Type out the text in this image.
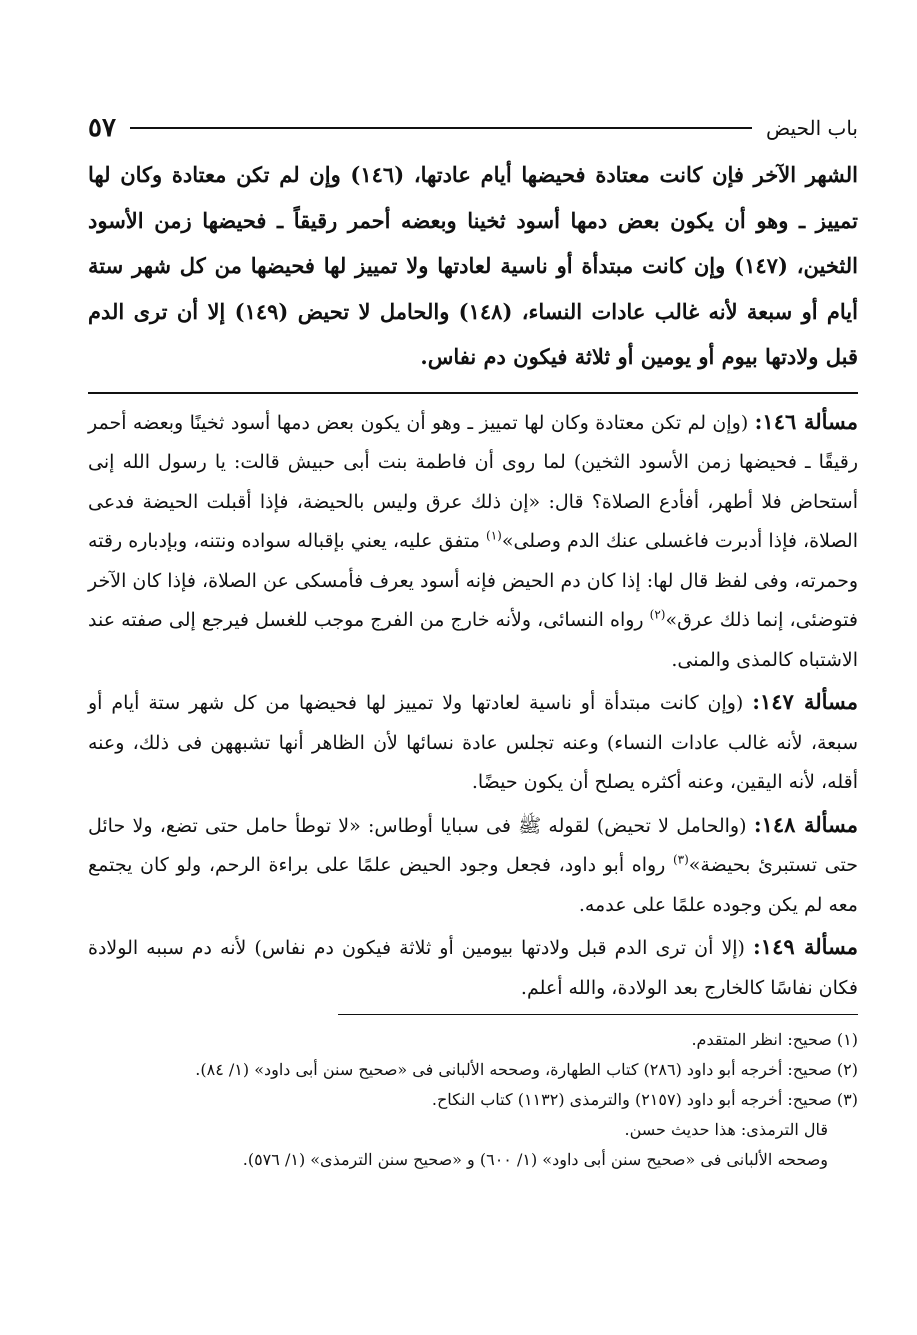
باب الحيض
٥٧

الشهر الآخر فإن كانت معتادة فحيضها أيام عادتها، (١٤٦) وإن لم تكن معتادة وكان لها تمييز ـ وهو أن يكون بعض دمها أسود ثخينا وبعضه أحمر رقيقاً ـ فحيضها زمن الأسود الثخين، (١٤٧) وإن كانت مبتدأة أو ناسية لعادتها ولا تمييز لها فحيضها من كل شهر ستة أيام أو سبعة لأنه غالب عادات النساء، (١٤٨) والحامل لا تحيض (١٤٩) إلا أن ترى الدم قبل ولادتها بيوم أو يومين أو ثلاثة فيكون دم نفاس.

مسألة ١٤٦: (وإن لم تكن معتادة وكان لها تمييز ـ وهو أن يكون بعض دمها أسود ثخينًا وبعضه أحمر رقيقًا ـ فحيضها زمن الأسود الثخين) لما روى أن فاطمة بنت أبى حبيش قالت: يا رسول الله إنى أستحاض فلا أطهر، أفأدع الصلاة؟ قال: «إن ذلك عرق وليس بالحيضة، فإذا أقبلت الحيضة فدعى الصلاة، فإذا أدبرت فاغسلى عنك الدم وصلى»$^{(١)}$ متفق عليه، يعني بإقباله سواده ونتنه، وبإدباره رقته وحمرته، وفى لفظ قال لها: إذا كان دم الحيض فإنه أسود يعرف فأمسكى عن الصلاة، فإذا كان الآخر فتوضئى، إنما ذلك عرق»$^{(٢)}$ رواه النسائى، ولأنه خارج من الفرج موجب للغسل فيرجع إلى صفته عند الاشتباه كالمذى والمنى.

مسألة ١٤٧: (وإن كانت مبتدأة أو ناسية لعادتها ولا تمييز لها فحيضها من كل شهر ستة أيام أو سبعة، لأنه غالب عادات النساء) وعنه تجلس عادة نسائها لأن الظاهر أنها تشبههن فى ذلك، وعنه أقله، لأنه اليقين، وعنه أكثره يصلح أن يكون حيضًا.

مسألة ١٤٨: (والحامل لا تحيض) لقوله ﷺ فى سبايا أوطاس: «لا توطأ حامل حتى تضع، ولا حائل حتى تستبرئ بحيضة»$^{(٣)}$ رواه أبو داود، فجعل وجود الحيض علمًا على براءة الرحم، ولو كان يجتمع معه لم يكن وجوده علمًا على عدمه.

مسألة ١٤٩: (إلا أن ترى الدم قبل ولادتها بيومين أو ثلاثة فيكون دم نفاس) لأنه دم سببه الولادة فكان نفاسًا كالخارج بعد الولادة، والله أعلم.

(١) صحيح: انظر المتقدم.

(٢) صحيح: أخرجه أبو داود (٢٨٦) كتاب الطهارة، وصححه الألبانى فى «صحيح سنن أبى داود» (١/ ٨٤).

(٣) صحيح: أخرجه أبو داود (٢١٥٧) والترمذى (١١٣٢) كتاب النكاح.

قال الترمذى: هذا حديث حسن.

وصححه الألبانى فى «صحيح سنن أبى داود» (١/ ٦٠٠) و «صحيح سنن الترمذى» (١/ ٥٧٦).
